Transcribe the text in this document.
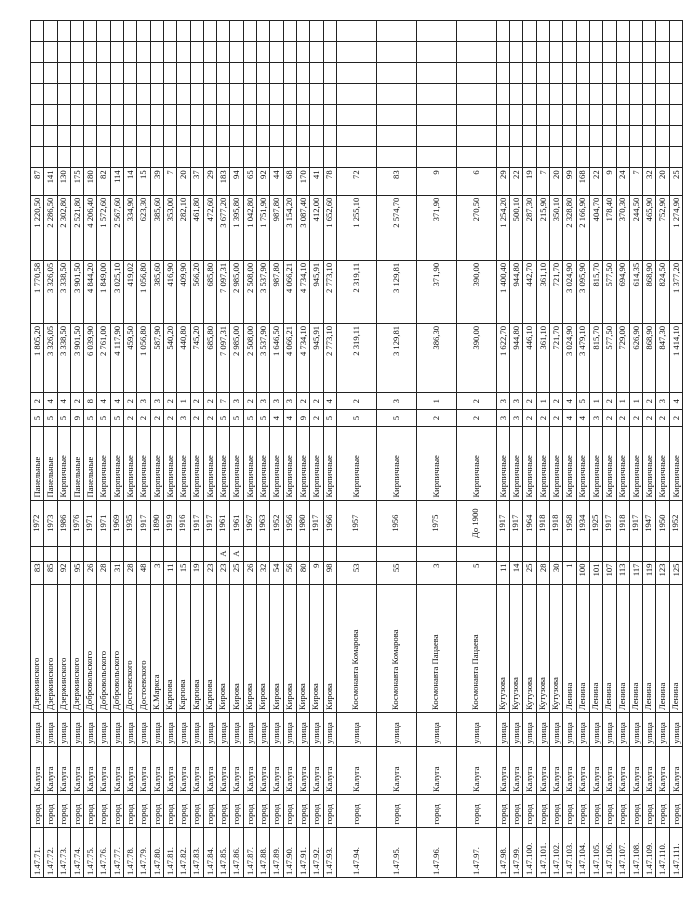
1.47.71.	город	Калуга	улица	Дзержинского	83		1972	Панельные	5	2	1 805,20	1 770,58	1 220,50	87							
1.47.72.	город	Калуга	улица	Дзержинского	85		1973	Панельные	5	4	3 326,05	3 326,05	2 286,50	141							
1.47.73.	город	Калуга	улица	Дзержинского	92		1986	Кирпичные	5	4	3 338,50	3 338,50	2 302,80	130							
1.47.74.	город	Калуга	улица	Дзержинского	95		1976	Панельные	9	2	3 901,50	3 901,50	2 521,80	175							
1.47.75.	город	Калуга	улица	Добровольского	26		1971	Панельные	5	8	6 039,90	4 844,20	4 206,40	180							
1.47.76.	город	Калуга	улица	Добровольского	28		1971	Кирпичные	5	4	2 761,00	1 849,00	1 572,60	82							
1.47.77.	город	Калуга	улица	Добровольского	31		1969	Кирпичные	5	4	4 117,90	3 025,10	2 567,60	114							
1.47.78.	город	Калуга	улица	Достоевского	28		1935	Кирпичные	2	2	459,50	419,02	334,90	14							
1.47.79.	город	Калуга	улица	Достоевского	48		1917	Кирпичные	2	3	1 056,80	1 056,80	623,30	15							
1.47.80.	город	Калуга	улица	К.Маркса	3		1890	Кирпичные	2	3	587,90	385,60	385,60	39							
1.47.81.	город	Калуга	улица	Карпова	11		1919	Кирпичные	2	2	540,20	416,90	353,00	7							
1.47.82.	город	Калуга	улица	Карпова	15		1916	Кирпичные	3	1	440,80	409,90	282,10	20							
1.47.83.	город	Калуга	улица	Карпова	19		1917	Кирпичные	2	2	745,20	566,20	461,80	37							
1.47.84.	город	Калуга	улица	Карпова	23		1917	Кирпичные	2	2	685,80	685,80	472,60	29							
1.47.85.	город	Калуга	улица	Кирова	23	А	1961	Кирпичные	5	7	7 097,31	7 097,31	3 677,20	183							
1.47.86.	город	Калуга	улица	Кирова	25	А	1961	Кирпичные	5	3	2 985,00	2 985,00	1 395,80	94							
1.47.87.	город	Калуга	улица	Кирова	26		1967	Кирпичные	5	2	2 508,00	2 508,00	1 042,80	65							
1.47.88.	город	Калуга	улица	Кирова	32		1963	Кирпичные	5	3	3 537,90	3 537,90	1 751,90	92							
1.47.89.	город	Калуга	улица	Кирова	54		1952	Кирпичные	4	3	1 646,50	987,80	987,80	44							
1.47.90.	город	Калуга	улица	Кирова	56		1956	Кирпичные	4	3	4 066,21	4 066,21	3 154,20	68							
1.47.91.	город	Калуга	улица	Кирова	80		1980	Кирпичные	9	2	4 734,10	4 734,10	3 087,40	170							
1.47.92.	город	Калуга	улица	Кирова	9		1917	Кирпичные	2	2	945,91	945,91	412,00	41							
1.47.93.	город	Калуга	улица	Кирова	98		1966	Кирпичные	5	4	2 773,10	2 773,10	1 652,60	78							
1.47.94.	город	Калуга	улица	Космонавта Комарова	53		1957	Кирпичные	5	2	2 319,11	2 319,11	1 255,10	72							
1.47.95.	город	Калуга	улица	Космонавта Комарова	55		1956	Кирпичные	5	3	3 129,81	3 129,81	2 574,70	83							
1.47.96.	город	Калуга	улица	Космонавта Пацаева	3		1975	Кирпичные	2	1	386,30	371,90	371,90	9							
1.47.97.	город	Калуга	улица	Космонавта Пацаева	5		До 1900	Кирпичные	2	2	390,00	390,00	270,50	6							
1.47.98.	город	Калуга	улица	Кутузова	11		1917	Кирпичные	3	3	1 622,70	1 400,40	1 254,20	29							
1.47.99.	город	Калуга	улица	Кутузова	14		1917	Кирпичные	3	3	944,80	944,80	500,10	22							
1.47.100.	город	Калуга	улица	Кутузова	25		1964	Кирпичные	2	2	446,10	442,70	287,30	19							
1.47.101.	город	Калуга	улица	Кутузова	28		1918	Кирпичные	2	1	361,10	361,10	215,90	7							
1.47.102.	город	Калуга	улица	Кутузова	30		1918	Кирпичные	2	2	721,70	721,70	350,10	20							
1.47.103.	город	Калуга	улица	Ленина	1		1958	Кирпичные	4	4	3 024,90	3 024,90	2 328,80	99							
1.47.104.	город	Калуга	улица	Ленина	100		1934	Кирпичные	4	5	3 479,10	3 095,90	2 166,90	168							
1.47.105.	город	Калуга	улица	Ленина	101		1925	Кирпичные	3	1	815,70	815,70	404,70	22							
1.47.106.	город	Калуга	улица	Ленина	107		1917	Кирпичные	2	2	577,50	577,50	178,40	9							
1.47.107.	город	Калуга	улица	Ленина	113		1918	Кирпичные	2	1	729,00	694,90	370,30	24							
1.47.108.	город	Калуга	улица	Ленина	117		1917	Кирпичные	2	1	626,90	614,35	244,50	7							
1.47.109.	город	Калуга	улица	Ленина	119		1947	Кирпичные	2	2	868,90	868,90	465,90	32							
1.47.110.	город	Калуга	улица	Ленина	123		1950	Кирпичные	2	3	847,30	824,50	752,90	20							
1.47.111.	город	Калуга	улица	Ленина	125		1952	Кирпичные	2	4	1 414,10	1 377,20	1 274,90	25							
